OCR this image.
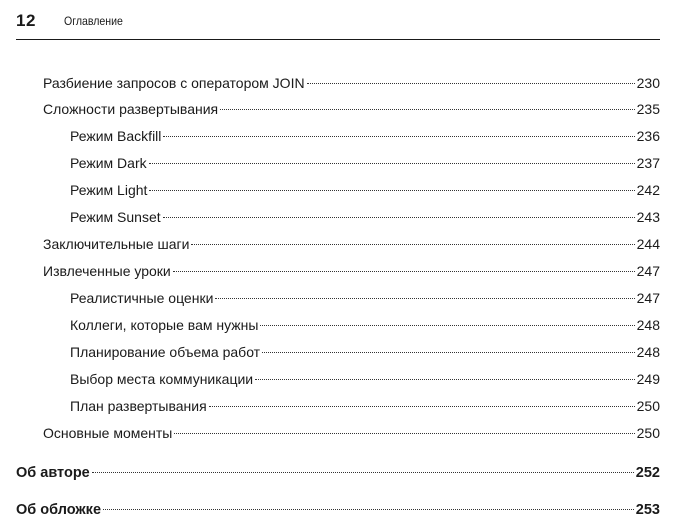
12 Оглавление
Разбиение запросов с оператором JOIN	230
Сложности развертывания	235
Режим Backfill	236
Режим Dark	237
Режим Light	242
Режим Sunset	243
Заключительные шаги	244
Извлеченные уроки	247
Реалистичные оценки	247
Коллеги, которые вам нужны	248
Планирование объема работ	248
Выбор места коммуникации	249
План развертывания	250
Основные моменты	250
Об авторе	252
Об обложке	253
